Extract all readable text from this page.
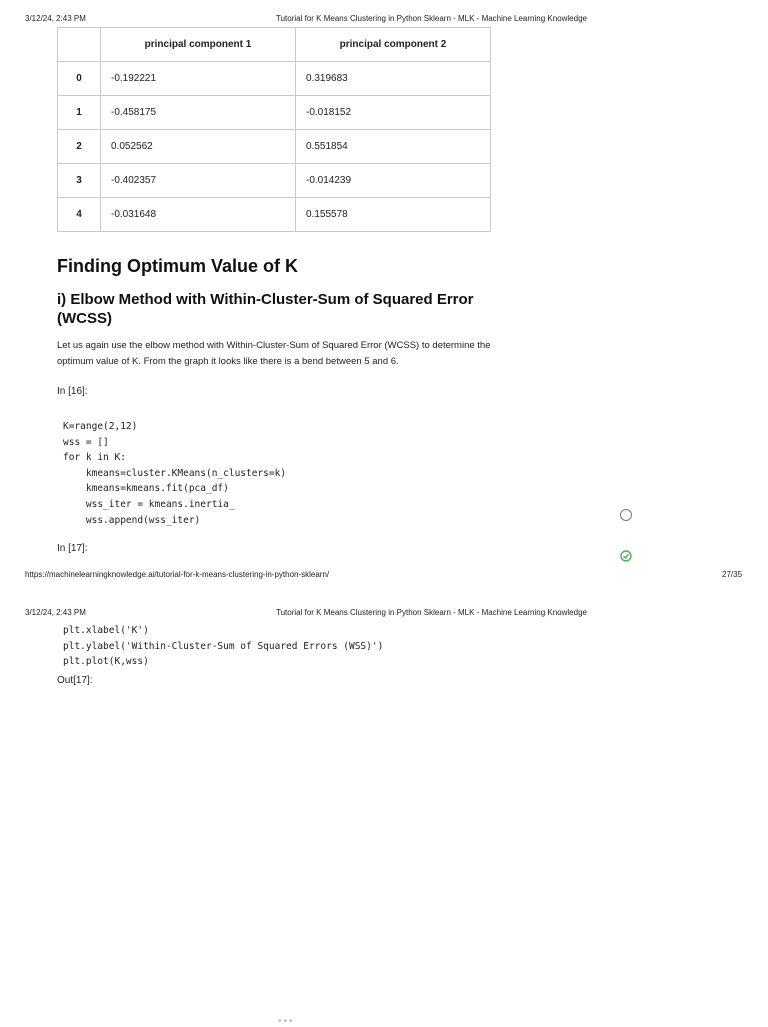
3/12/24, 2:43 PM	Tutorial for K Means Clustering in Python Sklearn - MLK - Machine Learning Knowledge
	principal component 1	principal component 2
0	-0.192221	0.319683
1	-0.458175	-0.018152
2	0.052562	0.551854
3	-0.402357	-0.014239
4	-0.031648	0.155578
Finding Optimum Value of K
i) Elbow Method with Within-Cluster-Sum of Squared Error (WCSS)

Let us again use the elbow method with Within-Cluster-Sum of Squared Error (WCSS) to determine the optimum value of K. From the graph it looks like there is a bend between 5 and 6.

In [16]:
K=range(2,12)
wss = []
for k in K:
kmeans=cluster.KMeans(n_clusters=k)
kmeans=kmeans.fit(pca_df)
wss_iter = kmeans.inertia_
wss.append(wss_iter)
In [17]:
https://machinelearningknowledge.ai/tutorial-for-k-means-clustering-in-python-sklearn/	27/35
3/12/24, 2:43 PM	Tutorial for K Means Clustering in Python Sklearn - MLK - Machine Learning Knowledge
plt.xlabel('K')
plt.ylabel('Within-Cluster-Sum of Squared Errors (WSS)')
plt.plot(K,wss)
Out[17]:
•••
